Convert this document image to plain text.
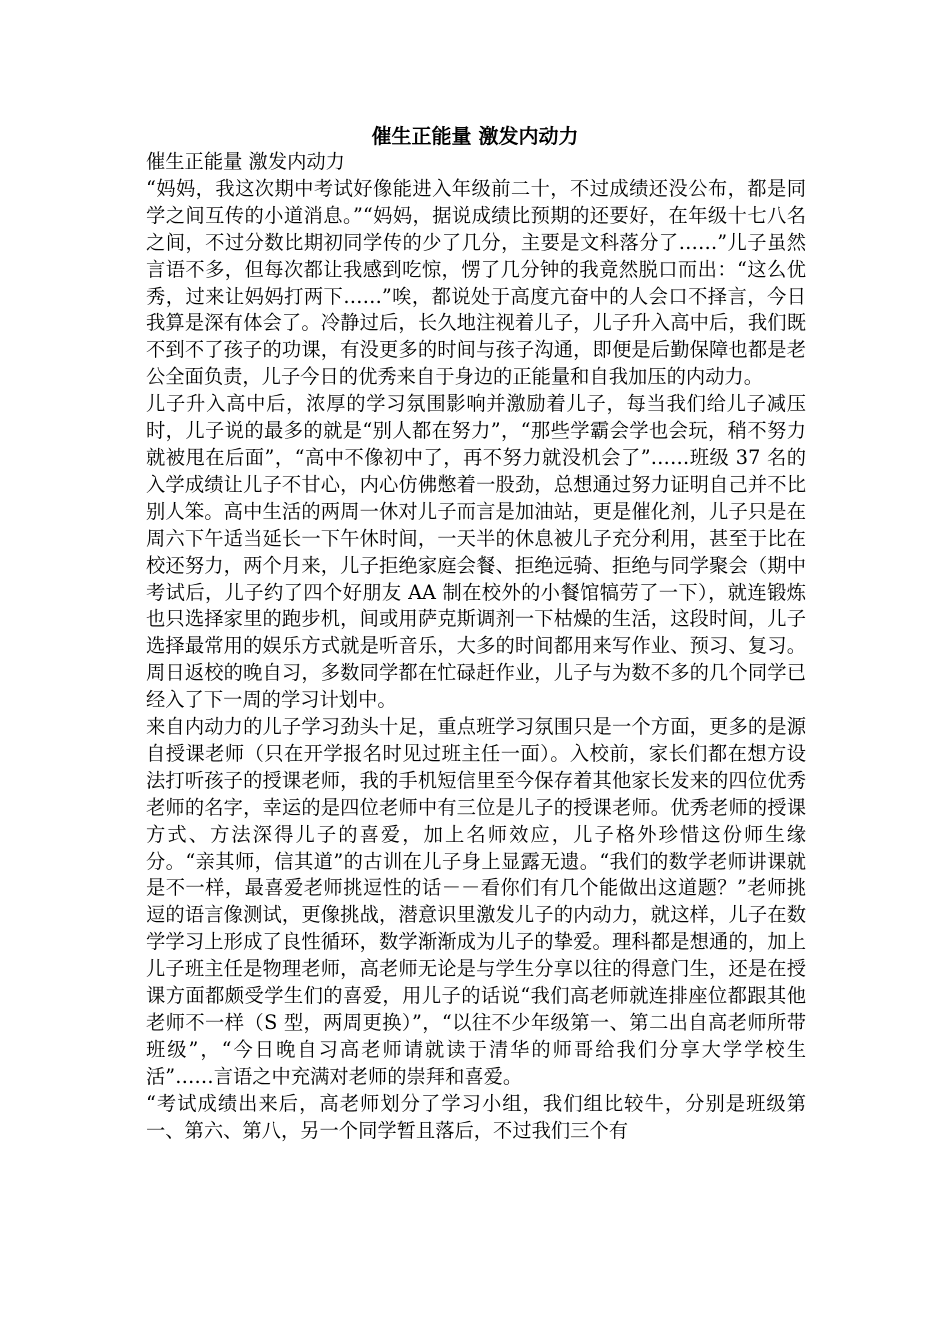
催生正能量 激发内动力

催生正能量 激发内动力

“妈妈，我这次期中考试好像能进入年级前二十，不过成绩还没公布，都是同学之间互传的小道消息。”“妈妈，据说成绩比预期的还要好，在年级十七八名之间，不过分数比期初同学传的少了几分，主要是文科落分了……”儿子虽然言语不多，但每次都让我感到吃惊，愣了几分钟的我竟然脱口而出：“这么优秀，过来让妈妈打两下……”唉，都说处于高度亢奋中的人会口不择言，今日我算是深有体会了。冷静过后，长久地注视着儿子，儿子升入高中后，我们既不到不了孩子的功课，有没更多的时间与孩子沟通，即便是后勤保障也都是老公全面负责，儿子今日的优秀来自于身边的正能量和自我加压的内动力。

儿子升入高中后，浓厚的学习氛围影响并激励着儿子，每当我们给儿子减压时，儿子说的最多的就是“别人都在努力”，“那些学霸会学也会玩，稍不努力就被甩在后面”，“高中不像初中了，再不努力就没机会了”……班级 37 名的入学成绩让儿子不甘心，内心仿佛憋着一股劲，总想通过努力证明自己并不比别人笨。高中生活的两周一休对儿子而言是加油站，更是催化剂，儿子只是在周六下午适当延长一下午休时间，一天半的休息被儿子充分利用，甚至于比在校还努力，两个月来，儿子拒绝家庭会餐、拒绝远骑、拒绝与同学聚会（期中考试后，儿子约了四个好朋友 AA 制在校外的小餐馆犒劳了一下），就连锻炼也只选择家里的跑步机，间或用萨克斯调剂一下枯燥的生活，这段时间，儿子选择最常用的娱乐方式就是听音乐，大多的时间都用来写作业、预习、复习。周日返校的晚自习，多数同学都在忙碌赶作业，儿子与为数不多的几个同学已经入了下一周的学习计划中。

来自内动力的儿子学习劲头十足，重点班学习氛围只是一个方面，更多的是源自授课老师（只在开学报名时见过班主任一面）。入校前，家长们都在想方设法打听孩子的授课老师，我的手机短信里至今保存着其他家长发来的四位优秀老师的名字，幸运的是四位老师中有三位是儿子的授课老师。优秀老师的授课方式、方法深得儿子的喜爱，加上名师效应，儿子格外珍惜这份师生缘分。“亲其师，信其道”的古训在儿子身上显露无遗。“我们的数学老师讲课就是不一样，最喜爱老师挑逗性的话－－看你们有几个能做出这道题？”老师挑逗的语言像测试，更像挑战，潜意识里激发儿子的内动力，就这样，儿子在数学学习上形成了良性循环，数学渐渐成为儿子的挚爱。理科都是想通的，加上儿子班主任是物理老师，高老师无论是与学生分享以往的得意门生，还是在授课方面都颇受学生们的喜爱，用儿子的话说“我们高老师就连排座位都跟其他老师不一样（S 型，两周更换）”，“以往不少年级第一、第二出自高老师所带班级”，“今日晚自习高老师请就读于清华的师哥给我们分享大学学校生活”……言语之中充满对老师的崇拜和喜爱。

“考试成绩出来后，高老师划分了学习小组，我们组比较牛，分别是班级第一、第六、第八，另一个同学暂且落后，不过我们三个有
